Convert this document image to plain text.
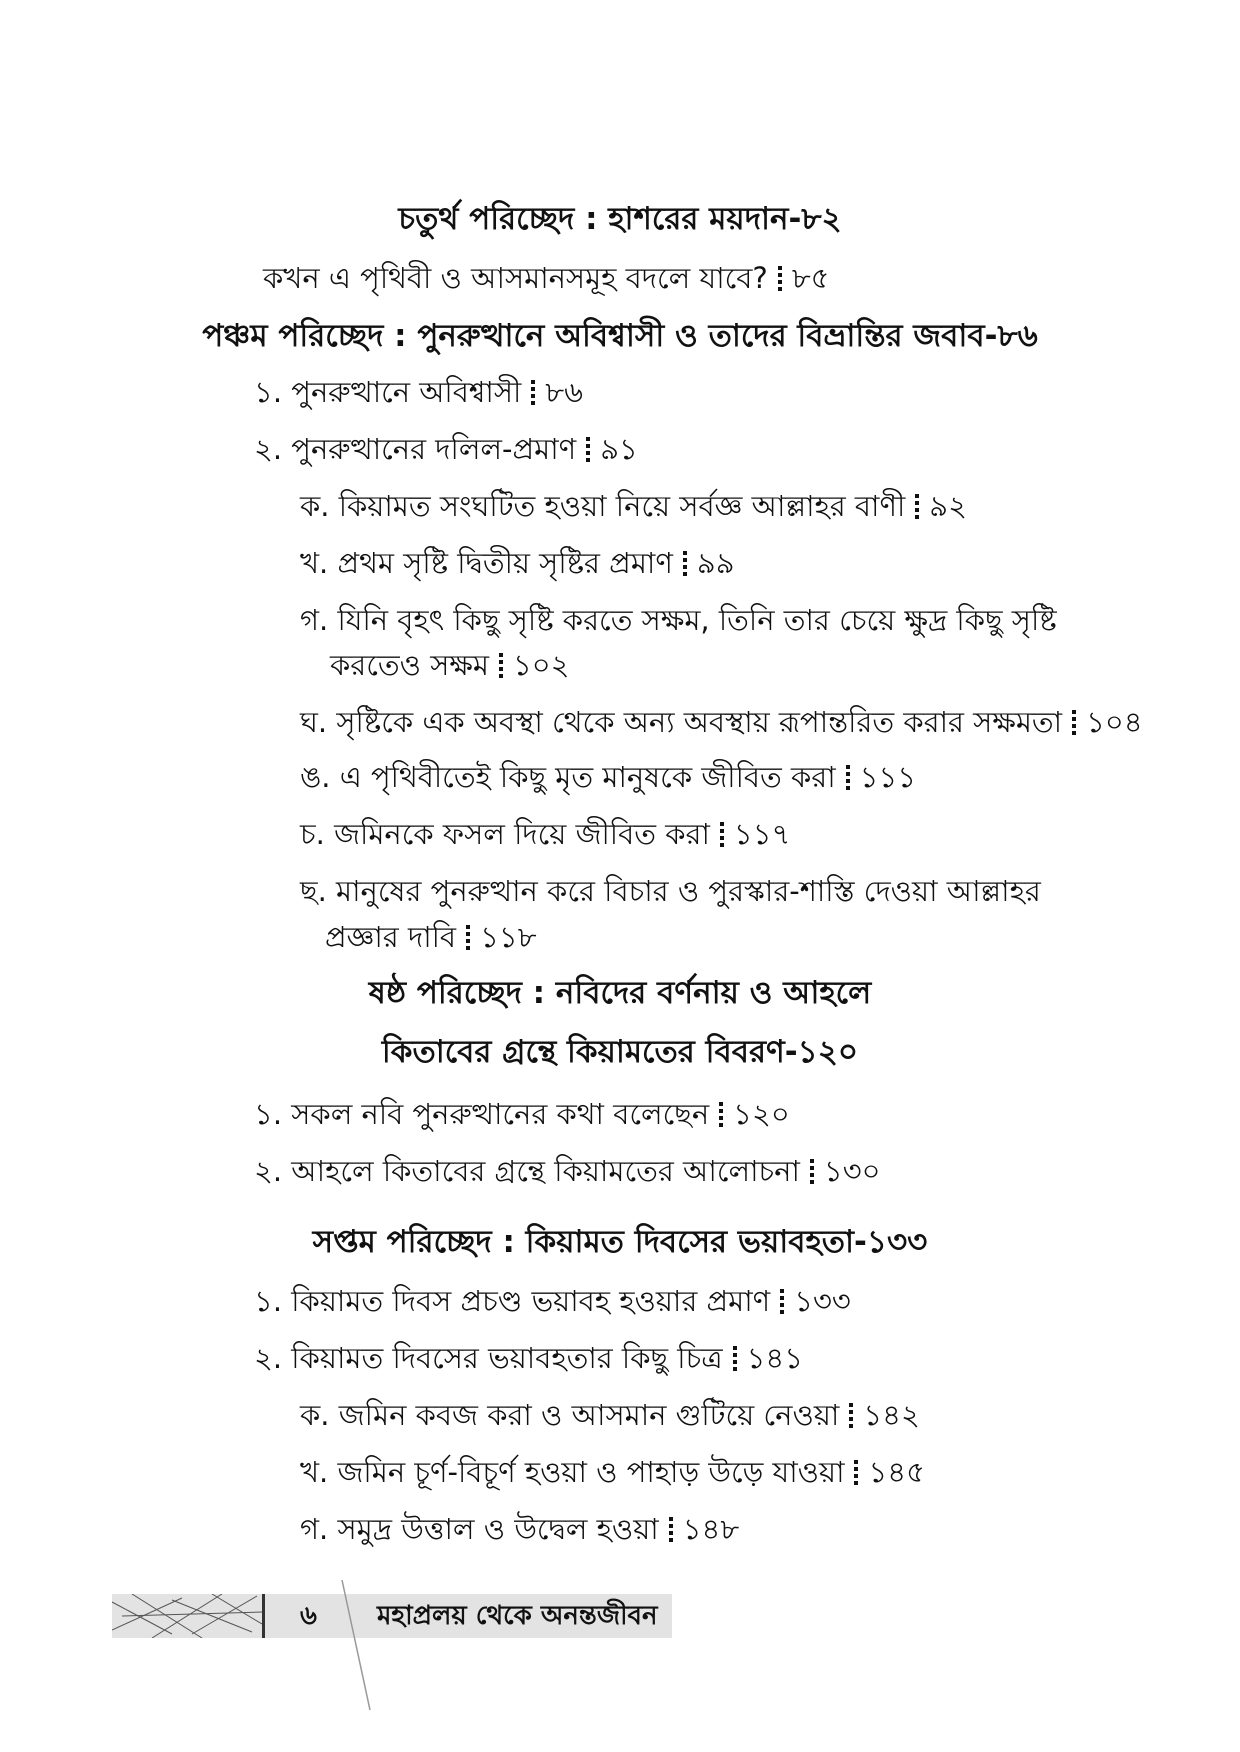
চতুর্থ পরিচ্ছেদ : হাশরের ময়দান-৮২
কখন এ পৃথিবী ও আসমানসমূহ বদলে যাবে? ৮৫
পঞ্চম পরিচ্ছেদ : পুনরুত্থানে অবিশ্বাসী ও তাদের বিভ্রান্তির জবাব-৮৬
১. পুনরুত্থানে অবিশ্বাসী ৮৬
২. পুনরুত্থানের দলিল-প্রমাণ ৯১
ক. কিয়ামত সংঘটিত হওয়া নিয়ে সর্বজ্ঞ আল্লাহর বাণী ৯২
খ. প্রথম সৃষ্টি দ্বিতীয় সৃষ্টির প্রমাণ ৯৯
গ. যিনি বৃহৎ কিছু সৃষ্টি করতে সক্ষম, তিনি তার চেয়ে ক্ষুদ্র কিছু সৃষ্টি
করতেও সক্ষম ১০২
ঘ. সৃষ্টিকে এক অবস্থা থেকে অন্য অবস্থায় রূপান্তরিত করার সক্ষমতা ১০৪
ঙ. এ পৃথিবীতেই কিছু মৃত মানুষকে জীবিত করা ১১১
চ. জমিনকে ফসল দিয়ে জীবিত করা ১১৭
ছ. মানুষের পুনরুত্থান করে বিচার ও পুরস্কার-শাস্তি দেওয়া আল্লাহর
প্রজ্ঞার দাবি ১১৮
ষষ্ঠ পরিচ্ছেদ : নবিদের বর্ণনায় ও আহলে
কিতাবের গ্রন্থে কিয়ামতের বিবরণ-১২০
১. সকল নবি পুনরুত্থানের কথা বলেছেন ১২০
২. আহলে কিতাবের গ্রন্থে কিয়ামতের আলোচনা ১৩০
সপ্তম পরিচ্ছেদ : কিয়ামত দিবসের ভয়াবহতা-১৩৩
১. কিয়ামত দিবস প্রচণ্ড ভয়াবহ হওয়ার প্রমাণ ১৩৩
২. কিয়ামত দিবসের ভয়াবহতার কিছু চিত্র ১৪১
ক. জমিন কবজ করা ও আসমান গুটিয়ে নেওয়া ১৪২
খ. জমিন চূর্ণ-বিচূর্ণ হওয়া ও পাহাড় উড়ে যাওয়া ১৪৫
গ. সমুদ্র উত্তাল ও উদ্বেল হওয়া ১৪৮
৬ মহাপ্রলয় থেকে অনন্তজীবন
